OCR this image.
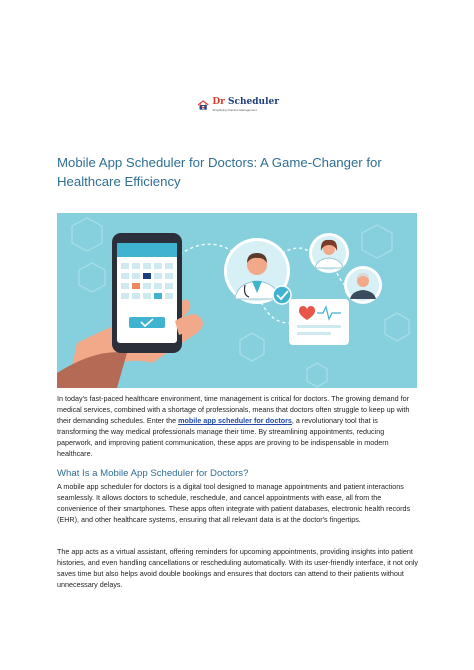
Dr Scheduler
Simplifying Practice Management
Mobile App Scheduler for Doctors: A Game-Changer for Healthcare Efficiency

In today's fast-paced healthcare environment, time management is critical for doctors. The growing demand for medical services, combined with a shortage of professionals, means that doctors often struggle to keep up with their demanding schedules. Enter the mobile app scheduler for doctors, a revolutionary tool that is transforming the way medical professionals manage their time. By streamlining appointments, reducing paperwork, and improving patient communication, these apps are proving to be indispensable in modern healthcare.

What Is a Mobile App Scheduler for Doctors?

A mobile app scheduler for doctors is a digital tool designed to manage appointments and patient interactions seamlessly. It allows doctors to schedule, reschedule, and cancel appointments with ease, all from the convenience of their smartphones. These apps often integrate with patient databases, electronic health records (EHR), and other healthcare systems, ensuring that all relevant data is at the doctor's fingertips.

The app acts as a virtual assistant, offering reminders for upcoming appointments, providing insights into patient histories, and even handling cancellations or rescheduling automatically. With its user-friendly interface, it not only saves time but also helps avoid double bookings and ensures that doctors can attend to their patients without unnecessary delays.
